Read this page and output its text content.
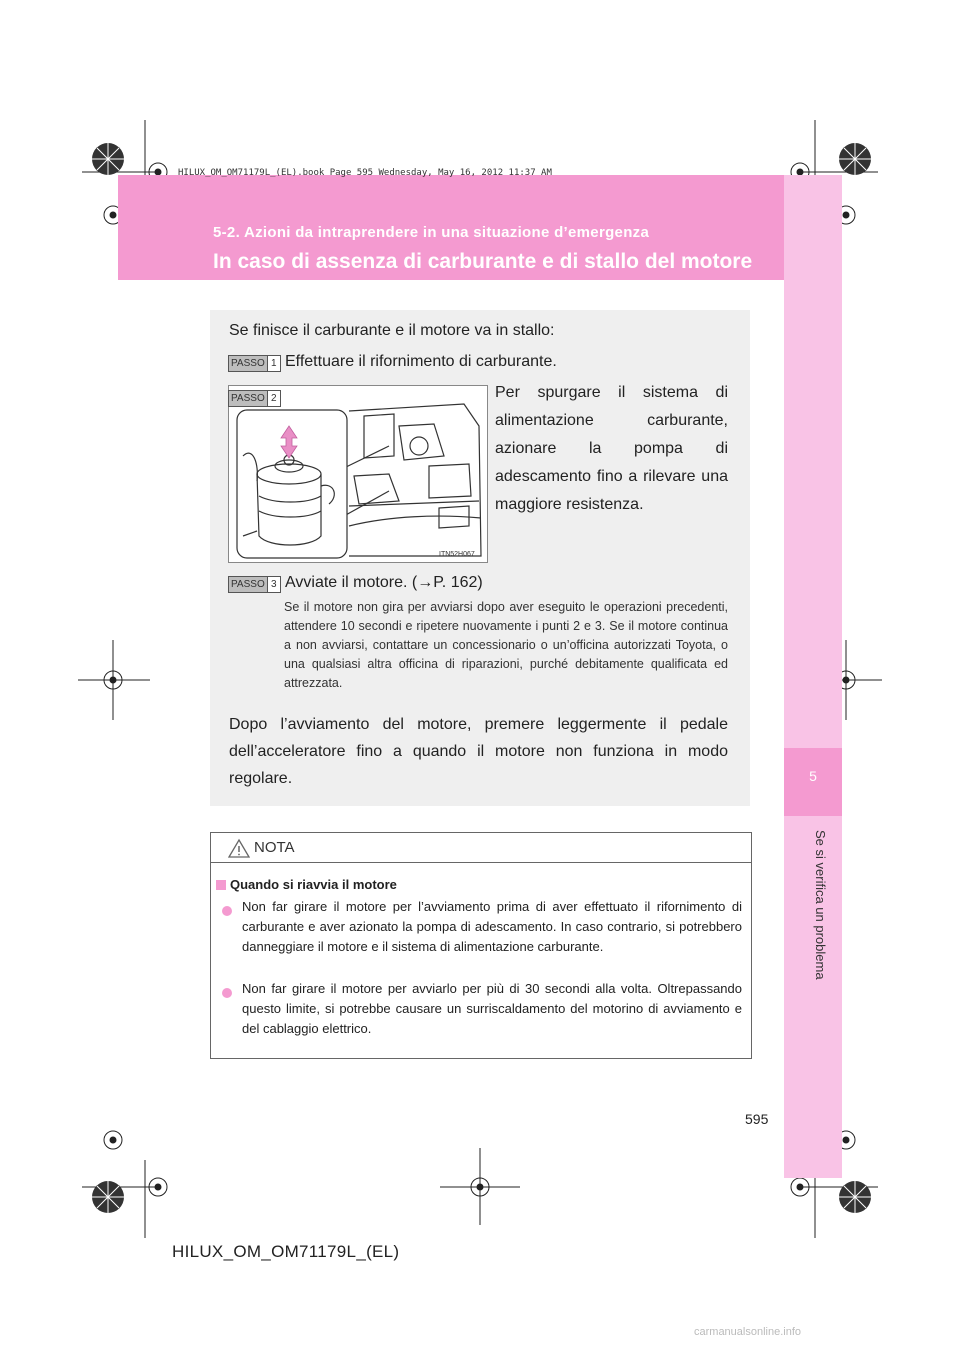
HILUX_OM_OM71179L_(EL).book Page 595 Wednesday, May 16, 2012 11:37 AM
5-2. Azioni da intraprendere in una situazione d’emergenza
In caso di assenza di carburante e di stallo del motore
5
Se si verifica un problema
Se finisce il carburante e il motore va in stallo:
PASSO 1 Effettuare il rifornimento di carburante.
PASSO 2
ITN52H067
Per spurgare il sistema di alimentazione carburante, azionare la pompa di adescamento fino a rilevare una maggiore resistenza.
PASSO 3 Avviate il motore. (→P. 162)
Se il motore non gira per avviarsi dopo aver eseguito le operazioni precedenti, attendere 10 secondi e ripetere nuovamente i punti 2 e 3. Se il motore continua a non avviarsi, contattare un concessionario o un’officina autorizzati Toyota, o una qualsiasi altra officina di riparazioni, purché debitamente qualificata ed attrezzata.
Dopo l’avviamento del motore, premere leggermente il pedale dell’acceleratore fino a quando il motore non funziona in modo regolare.
NOTA
Quando si riavvia il motore
Non far girare il motore per l’avviamento prima di aver effettuato il rifornimento di carburante e aver azionato la pompa di adescamento. In caso contrario, si potrebbero danneggiare il motore e il sistema di alimentazione carburante.
Non far girare il motore per avviarlo per più di 30 secondi alla volta. Oltrepassando questo limite, si potrebbe causare un surriscaldamento del motorino di avviamento e del cablaggio elettrico.
595
HILUX_OM_OM71179L_(EL)
carmanualsonline.info
